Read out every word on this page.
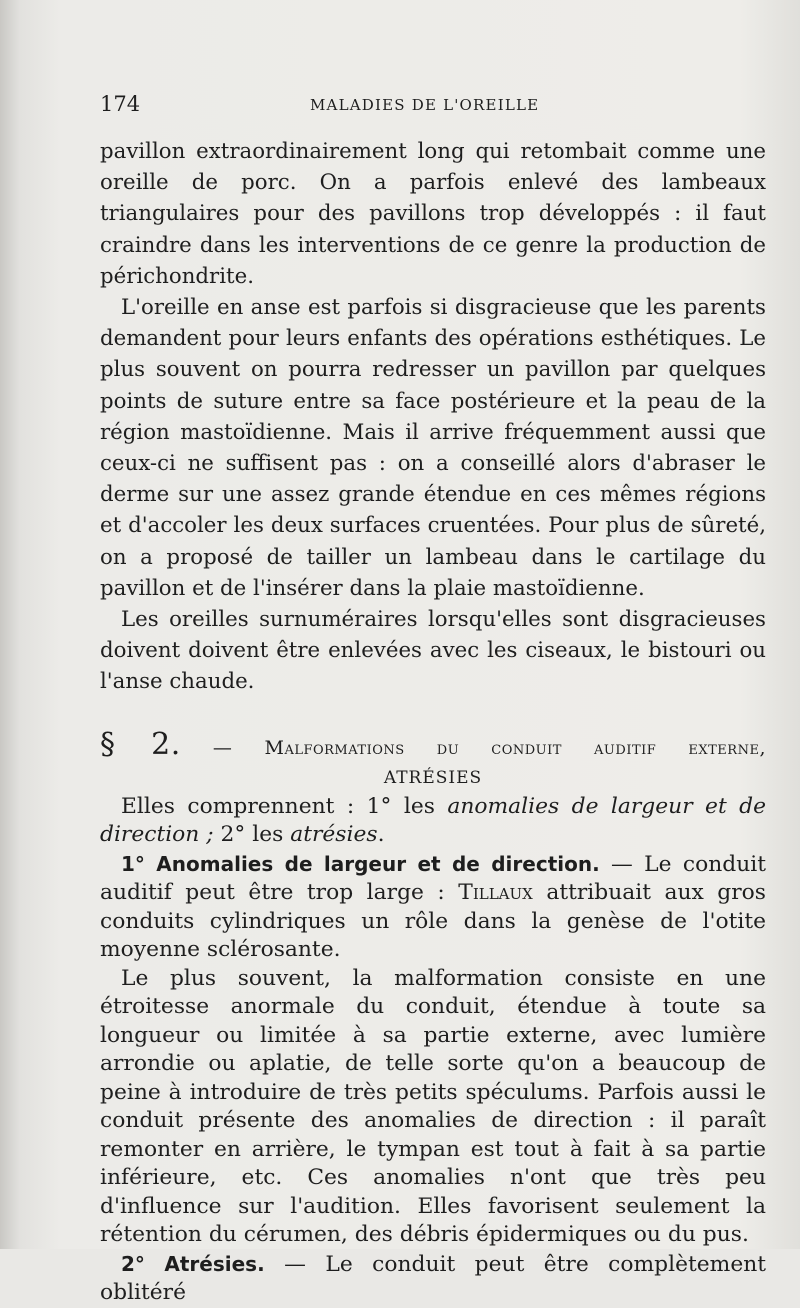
174	MALADIES DE L'OREILLE

pavillon extraordinairement long qui retombait comme une oreille de porc. On a parfois enlevé des lambeaux triangulaires pour des pavillons trop développés : il faut craindre dans les interventions de ce genre la production de périchondrite.

L'oreille en anse est parfois si disgracieuse que les parents demandent pour leurs enfants des opérations esthétiques. Le plus souvent on pourra redresser un pavillon par quelques points de suture entre sa face postérieure et la peau de la région mastoïdienne. Mais il arrive fréquemment aussi que ceux-ci ne suffisent pas : on a conseillé alors d'abraser le derme sur une assez grande étendue en ces mêmes régions et d'accoler les deux surfaces cruentées. Pour plus de sûreté, on a proposé de tailler un lambeau dans le cartilage du pavillon et de l'insérer dans la plaie mastoïdienne.

Les oreilles surnuméraires lorsqu'elles sont disgracieuses doivent doivent être enlevées avec les ciseaux, le bistouri ou l'anse chaude.

§ 2. — Malformations du conduit auditif externe,
ATRÉSIES

Elles comprennent : 1° les anomalies de largeur et de direction ; 2° les atrésies.

1° Anomalies de largeur et de direction. — Le conduit auditif peut être trop large : Tillaux attribuait aux gros conduits cylindriques un rôle dans la genèse de l'otite moyenne sclérosante.

Le plus souvent, la malformation consiste en une étroitesse anormale du conduit, étendue à toute sa longueur ou limitée à sa partie externe, avec lumière arrondie ou aplatie, de telle sorte qu'on a beaucoup de peine à introduire de très petits spéculums. Parfois aussi le conduit présente des anomalies de direction : il paraît remonter en arrière, le tympan est tout à fait à sa partie inférieure, etc. Ces anomalies n'ont que très peu d'influence sur l'audition. Elles favorisent seulement la rétention du cérumen, des débris épidermiques ou du pus.

2° Atrésies. — Le conduit peut être complètement oblitéré
